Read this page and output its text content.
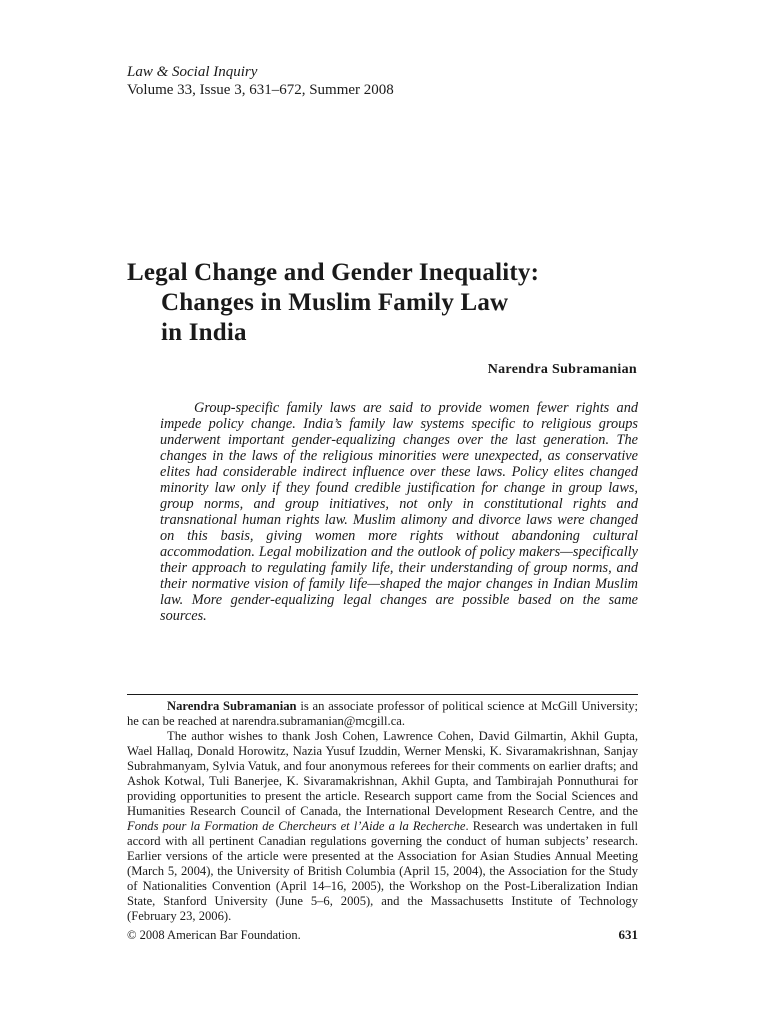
Law & Social Inquiry
Volume 33, Issue 3, 631–672, Summer 2008
Legal Change and Gender Inequality:
Changes in Muslim Family Law
in India
Narendra Subramanian

Group-specific family laws are said to provide women fewer rights and impede policy change. India’s family law systems specific to religious groups underwent important gender-equalizing changes over the last generation. The changes in the laws of the religious minorities were unexpected, as conservative elites had considerable indirect influence over these laws. Policy elites changed minority law only if they found credible justification for change in group laws, group norms, and group initiatives, not only in constitutional rights and transnational human rights law. Muslim alimony and divorce laws were changed on this basis, giving women more rights without abandoning cultural accommodation. Legal mobilization and the outlook of policy makers—specifically their approach to regulating family life, their understanding of group norms, and their normative vision of family life—shaped the major changes in Indian Muslim law. More gender-equalizing legal changes are possible based on the same sources.

Narendra Subramanian is an associate professor of political science at McGill University; he can be reached at narendra.subramanian@mcgill.ca.

The author wishes to thank Josh Cohen, Lawrence Cohen, David Gilmartin, Akhil Gupta, Wael Hallaq, Donald Horowitz, Nazia Yusuf Izuddin, Werner Menski, K. Sivaramakrishnan, Sanjay Subrahmanyam, Sylvia Vatuk, and four anonymous referees for their comments on earlier drafts; and Ashok Kotwal, Tuli Banerjee, K. Sivaramakrishnan, Akhil Gupta, and Tambirajah Ponnuthurai for providing opportunities to present the article. Research support came from the Social Sciences and Humanities Research Council of Canada, the International Development Research Centre, and the Fonds pour la Formation de Chercheurs et l’Aide a la Recherche. Research was undertaken in full accord with all pertinent Canadian regulations governing the conduct of human subjects’ research. Earlier versions of the article were presented at the Association for Asian Studies Annual Meeting (March 5, 2004), the University of British Columbia (April 15, 2004), the Association for the Study of Nationalities Convention (April 14–16, 2005), the Workshop on the Post-Liberalization Indian State, Stanford University (June 5–6, 2005), and the Massachusetts Institute of Technology (February 23, 2006).

© 2008 American Bar Foundation.	631
